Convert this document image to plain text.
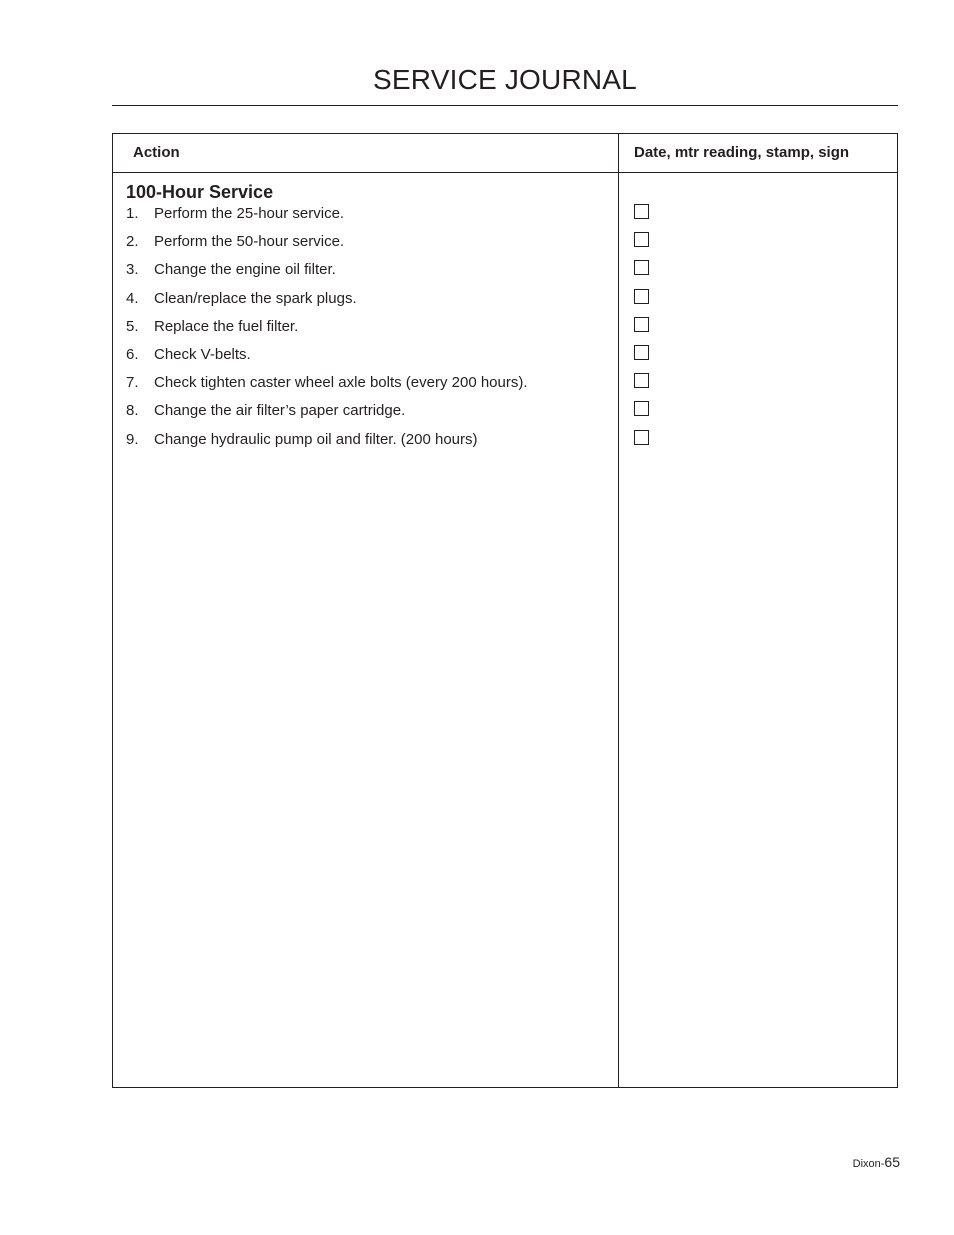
SERVICE JOURNAL
Action	Date, mtr reading, stamp, sign
100-Hour Service
1.	Perform the 25-hour service.
2.	Perform the 50-hour service.
3.	Change the engine oil filter.
4.	Clean/replace the spark plugs.
5.	Replace the fuel filter.
6.	Check V-belts.
7.	Check tighten caster wheel axle bolts (every 200 hours).
8.	Change the air filter’s paper cartridge.
9.	Change hydraulic pump oil and filter. (200 hours)
Dixon-65
